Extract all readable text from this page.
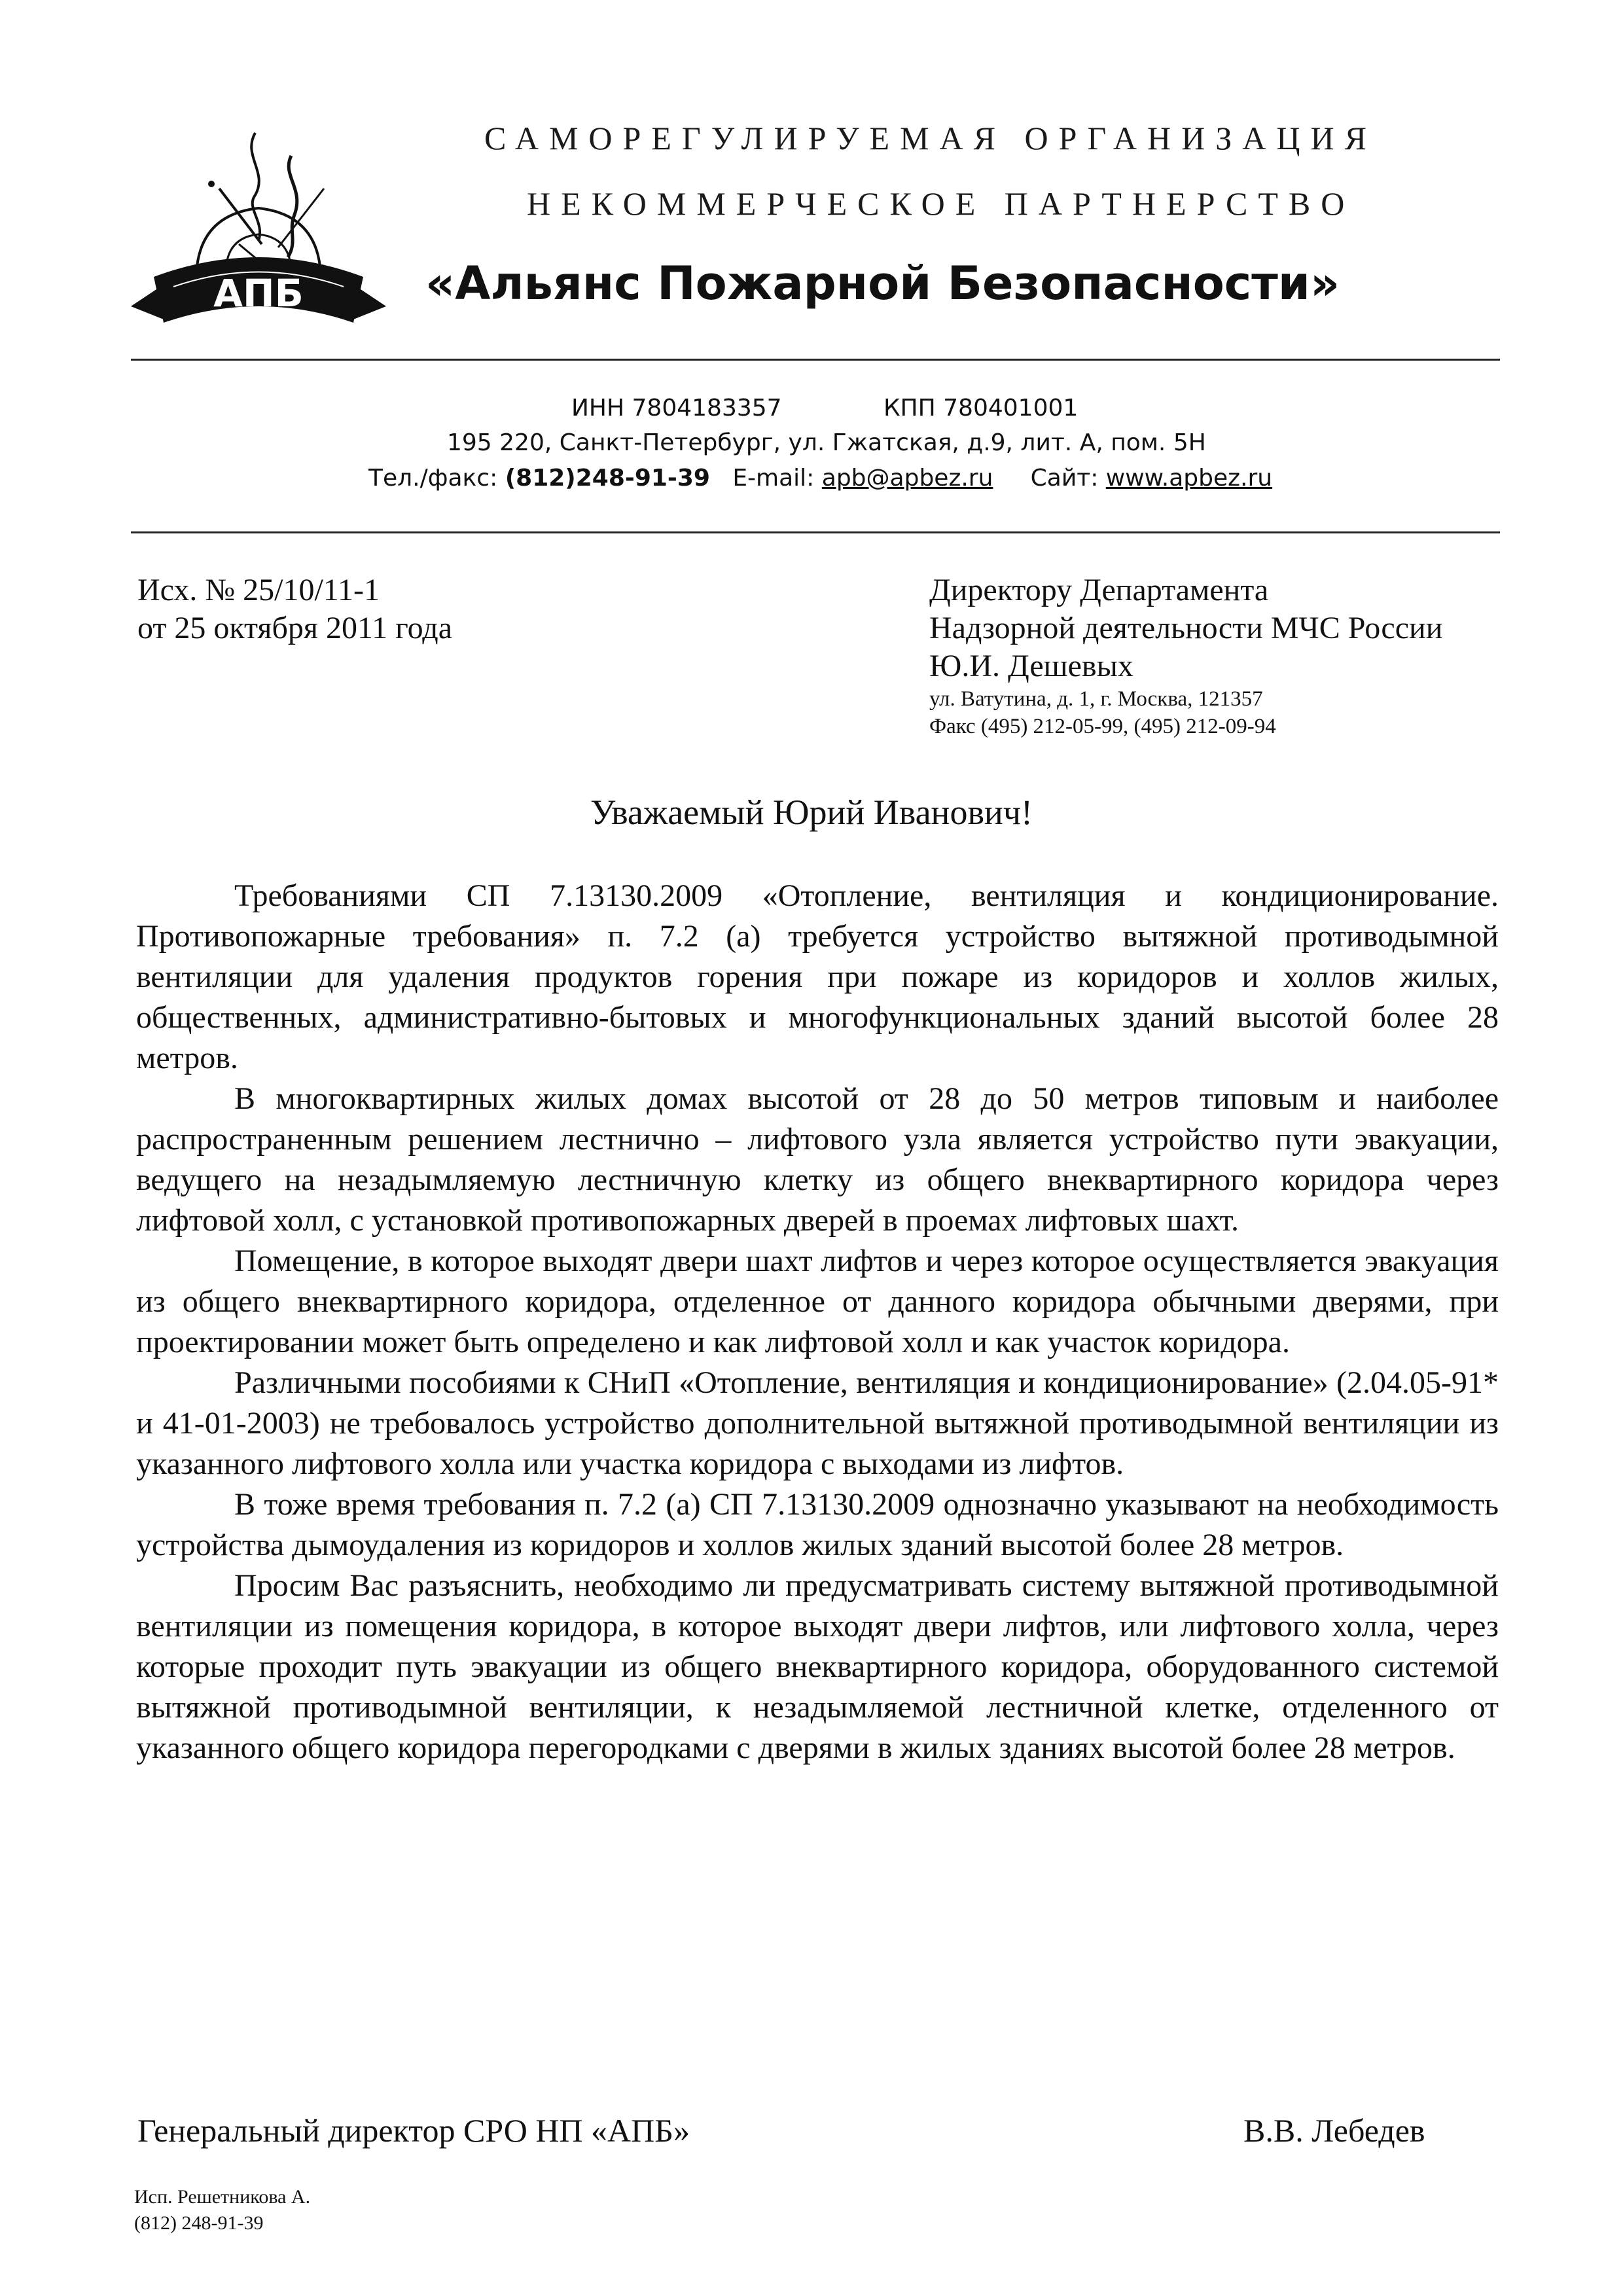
АПБ
САМОРЕГУЛИРУЕМАЯ ОРГАНИЗАЦИЯ
НЕКОММЕРЧЕСКОЕ ПАРТНЕРСТВО
«Альянс Пожарной Безопасности»
ИНН 7804183357	КПП 780401001
195 220, Санкт-Петербург, ул. Гжатская, д.9, лит. А, пом. 5Н
Тел./факс: (812)248-91-39 E-mail: apb@apbez.ru Сайт: www.apbez.ru
Исх. № 25/10/11-1
от 25 октября 2011 года
Директору Департамента
Надзорной деятельности МЧС России
Ю.И. Дешевых
ул. Ватутина, д. 1, г. Москва, 121357
Факс (495) 212-05-99, (495) 212-09-94
Уважаемый Юрий Иванович!

Требованиями СП 7.13130.2009 «Отопление, вентиляция и кондиционирование. Противопожарные требования» п. 7.2 (а) требуется устройство вытяжной противодымной вентиляции для удаления продуктов горения при пожаре из коридоров и холлов жилых, общественных, административно-бытовых и многофункциональных зданий высотой более 28 метров.

В многоквартирных жилых домах высотой от 28 до 50 метров типовым и наиболее распространенным решением лестнично – лифтового узла является устройство пути эвакуации, ведущего на незадымляемую лестничную клетку из общего внеквартирного коридора через лифтовой холл, с установкой противопожарных дверей в проемах лифтовых шахт.

Помещение, в которое выходят двери шахт лифтов и через которое осуществляется эвакуация из общего внеквартирного коридора, отделенное от данного коридора обычными дверями, при проектировании может быть определено и как лифтовой холл и как участок коридора.

Различными пособиями к СНиП «Отопление, вентиляция и кондиционирование» (2.04.05-91* и 41-01-2003) не требовалось устройство дополнительной вытяжной противодымной вентиляции из указанного лифтового холла или участка коридора с выходами из лифтов.

В тоже время требования п. 7.2 (а) СП 7.13130.2009 однозначно указывают на необходимость устройства дымоудаления из коридоров и холлов жилых зданий высотой более 28 метров.

Просим Вас разъяснить, необходимо ли предусматривать систему вытяжной противодымной вентиляции из помещения коридора, в которое выходят двери лифтов, или лифтового холла, через которые проходит путь эвакуации из общего внеквартирного коридора, оборудованного системой вытяжной противодымной вентиляции, к незадымляемой лестничной клетке, отделенного от указанного общего коридора перегородками с дверями в жилых зданиях высотой более 28 метров.

Генеральный директор СРО НП «АПБ»	В.В. Лебедев
Исп. Решетникова А.
(812) 248-91-39
